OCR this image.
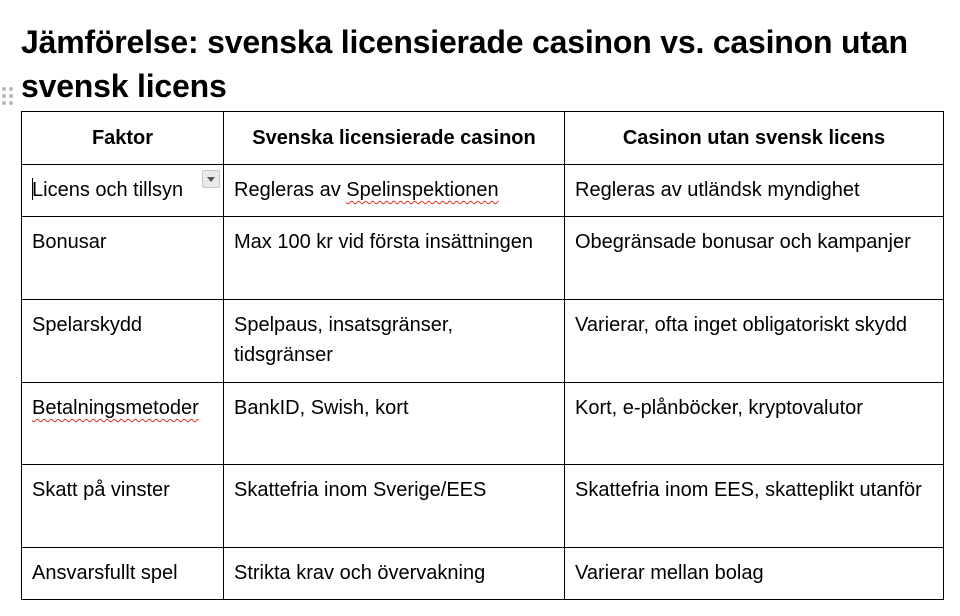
Jämförelse: svenska licensierade casinon vs. casinon utan svensk licens
Faktor	Svenska licensierade casinon	Casinon utan svensk licens
Licens och tillsyn	Regleras av Spelinspektionen	Regleras av utländsk myndighet
Bonusar	Max 100 kr vid första insättningen	Obegränsade bonusar och kampanjer
Spelarskydd	Spelpaus, insatsgränser, tidsgränser	Varierar, ofta inget obligatoriskt skydd
Betalningsmetoder	BankID, Swish, kort	Kort, e-plånböcker, kryptovalutor
Skatt på vinster	Skattefria inom Sverige/EES	Skattefria inom EES, skatteplikt utanför
Ansvarsfullt spel	Strikta krav och övervakning	Varierar mellan bolag
